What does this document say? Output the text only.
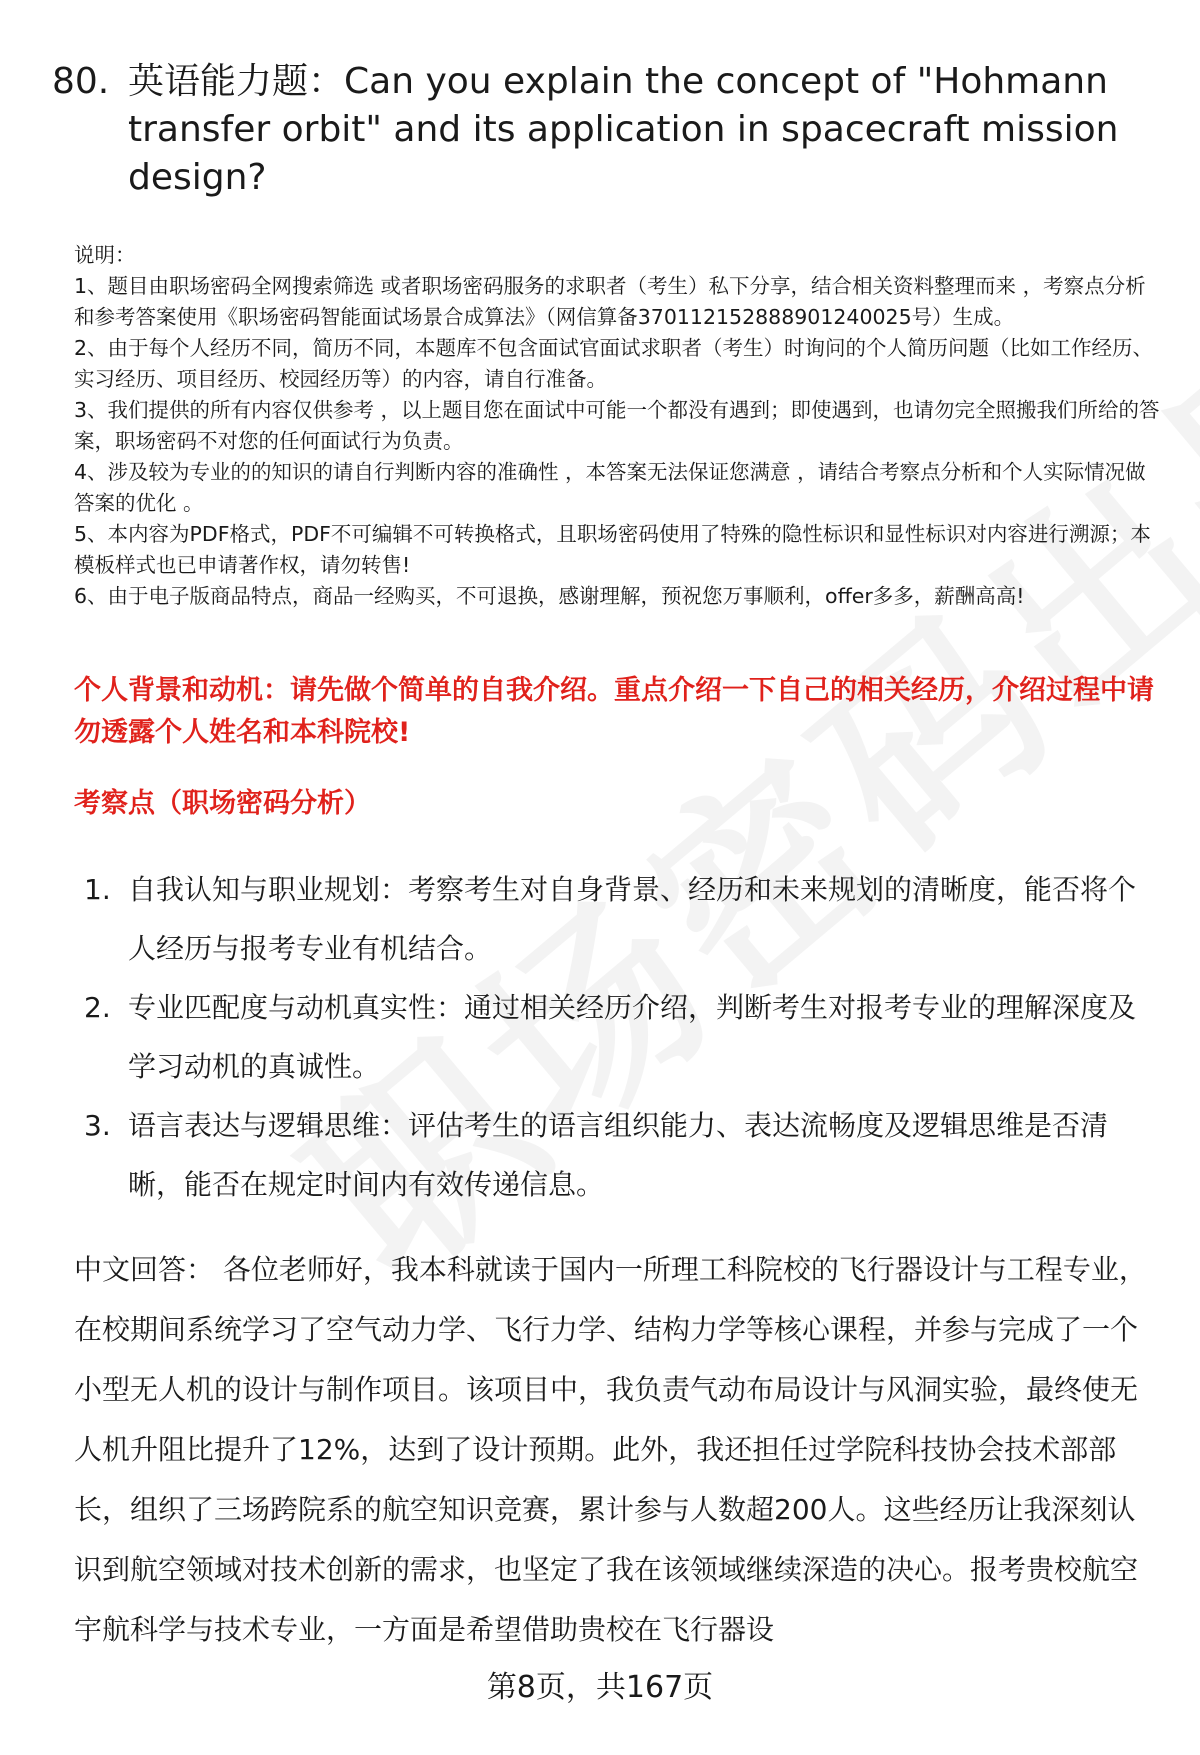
80. 英语能力题：Can you explain the concept of "Hohmann transfer orbit" and its application in spacecraft mission design?
说明：
1、题目由职场密码全网搜索筛选 或者职场密码服务的求职者（考生）私下分享，结合相关资料整理而来 ，考察点分析和参考答案使用《职场密码智能面试场景合成算法》（网信算备370112152888901240025号）生成。
2、由于每个人经历不同，简历不同，本题库不包含面试官面试求职者（考生）时询问的个人简历问题（比如工作经历、实习经历、项目经历、校园经历等）的内容，请自行准备。
3、我们提供的所有内容仅供参考 ，以上题目您在面试中可能一个都没有遇到；即使遇到，也请勿完全照搬我们所给的答案，职场密码不对您的任何面试行为负责。
4、涉及较为专业的的知识的请自行判断内容的准确性 ，本答案无法保证您满意 ，请结合考察点分析和个人实际情况做答案的优化 。
5、本内容为PDF格式，PDF不可编辑不可转换格式，且职场密码使用了特殊的隐性标识和显性标识对内容进行溯源；本模板样式也已申请著作权，请勿转售!
6、由于电子版商品特点，商品一经购买，不可退换，感谢理解，预祝您万事顺利，offer多多，薪酬高高!
个人背景和动机：请先做个简单的自我介绍。重点介绍一下自己的相关经历，介绍过程中请勿透露个人姓名和本科院校!
考察点（职场密码分析）
1. 自我认知与职业规划：考察考生对自身背景、经历和未来规划的清晰度，能否将个人经历与报考专业有机结合。
2. 专业匹配度与动机真实性：通过相关经历介绍，判断考生对报考专业的理解深度及学习动机的真诚性。
3. 语言表达与逻辑思维：评估考生的语言组织能力、表达流畅度及逻辑思维是否清晰，能否在规定时间内有效传递信息。
中文回答： 各位老师好，我本科就读于国内一所理工科院校的飞行器设计与工程专业，在校期间系统学习了空气动力学、飞行力学、结构力学等核心课程，并参与完成了一个小型无人机的设计与制作项目。该项目中，我负责气动布局设计与风洞实验，最终使无人机升阻比提升了12%，达到了设计预期。此外，我还担任过学院科技协会技术部部长，组织了三场跨院系的航空知识竞赛，累计参与人数超200人。这些经历让我深刻认识到航空领域对技术创新的需求，也坚定了我在该领域继续深造的决心。报考贵校航空宇航科学与技术专业，一方面是希望借助贵校在飞行器设
第8页，共167页
